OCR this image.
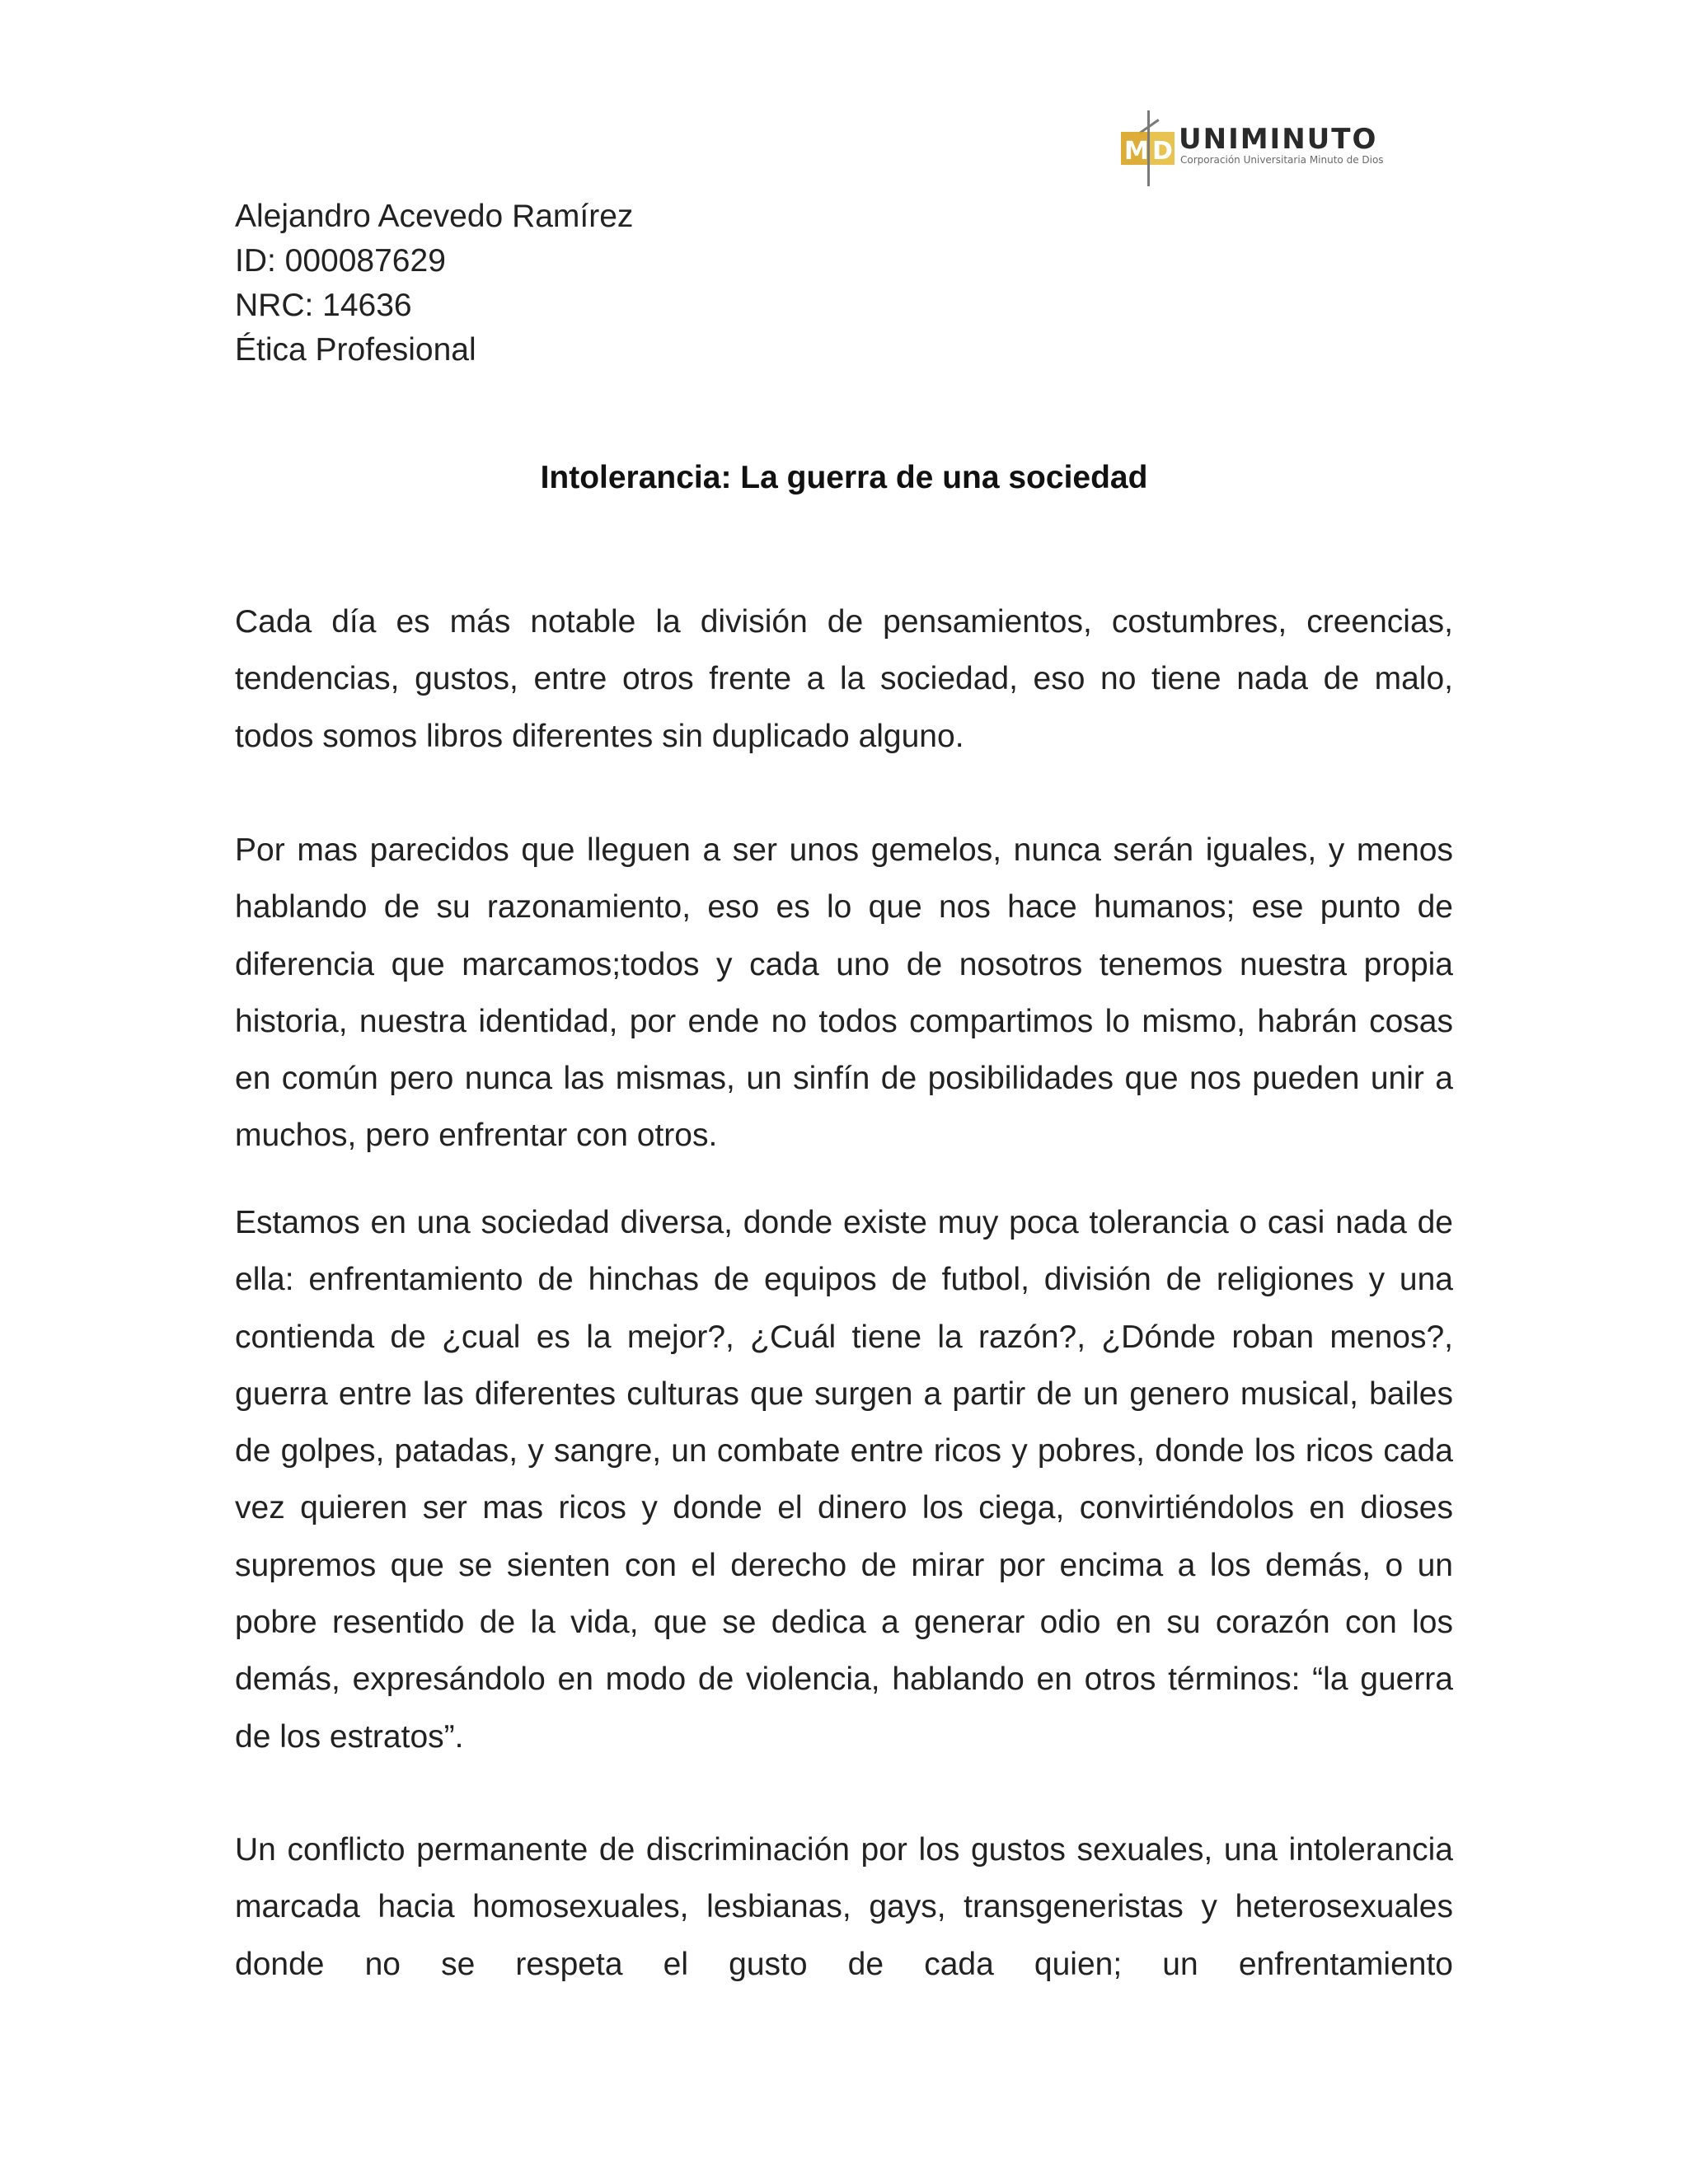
M D UNIMINUTO
Corporación Universitaria Minuto de Dios
Alejandro Acevedo Ramírez
ID: 000087629
NRC: 14636
Ética Profesional
Intolerancia: La guerra de una sociedad

Cada día es más notable la división de pensamientos, costumbres, creencias, tendencias, gustos, entre otros frente a la sociedad, eso no tiene nada de malo, todos somos libros diferentes sin duplicado alguno.

Por mas parecidos que lleguen a ser unos gemelos, nunca serán iguales, y menos hablando de su razonamiento, eso es lo que nos hace humanos; ese punto de diferencia que marcamos;todos y cada uno de nosotros tenemos nuestra propia historia, nuestra identidad, por ende no todos compartimos lo mismo, habrán cosas en común pero nunca las mismas, un sinfín de posibilidades que nos pueden unir a muchos, pero enfrentar con otros.

Estamos en una sociedad diversa, donde existe muy poca tolerancia o casi nada de ella: enfrentamiento de hinchas de equipos de futbol, división de religiones y una contienda de ¿cual es la mejor?, ¿Cuál tiene la razón?, ¿Dónde roban menos?, guerra entre las diferentes culturas que surgen a partir de un genero musical, bailes de golpes, patadas, y sangre, un combate entre ricos y pobres, donde los ricos cada vez quieren ser mas ricos y donde el dinero los ciega, convirtiéndolos en dioses supremos que se sienten con el derecho de mirar por encima a los demás, o un pobre resentido de la vida, que se dedica a generar odio en su corazón con los demás, expresándolo en modo de violencia, hablando en otros términos: “la guerra de los estratos”.

Un conflicto permanente de discriminación por los gustos sexuales, una intolerancia marcada hacia homosexuales, lesbianas, gays, transgeneristas y heterosexuales donde no se respeta el gusto de cada quien; un enfrentamiento
